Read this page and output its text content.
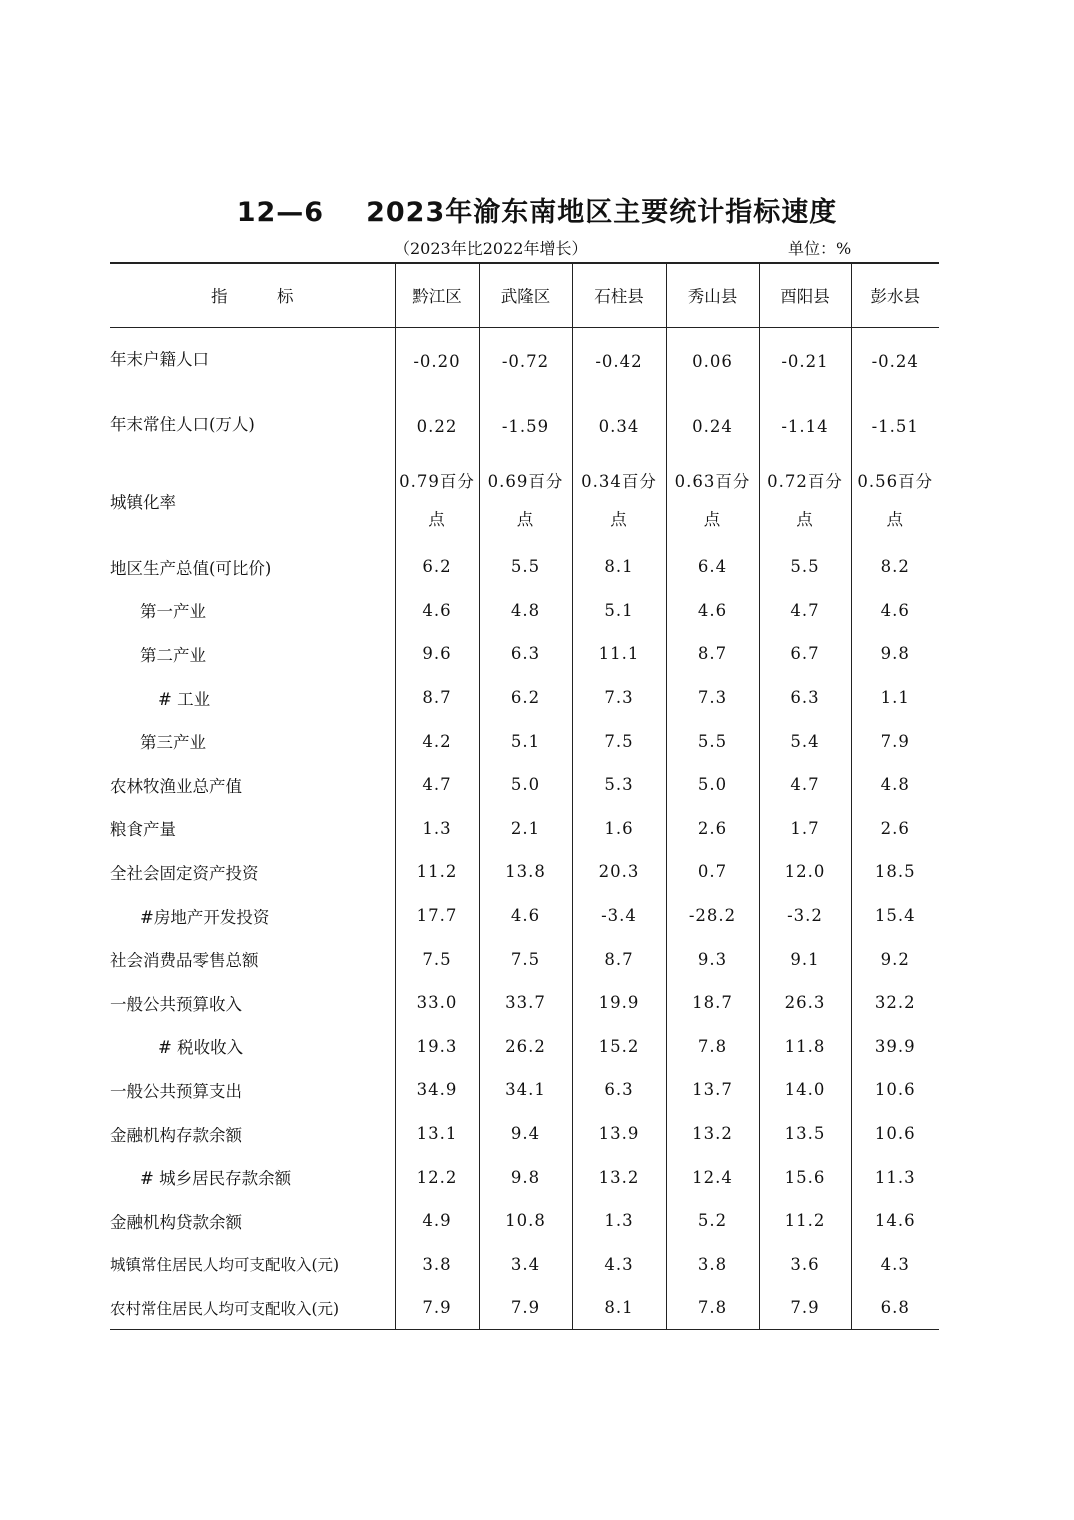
12—6 2023年渝东南地区主要统计指标速度
（2023年比2022年增长）	单位：%
指　　　标	黔江区	武隆区	石柱县	秀山县	酉阳县	彭水县
年末户籍人口	-0.20	-0.72	-0.42	0.06	-0.21	-0.24
年末常住人口(万人)	0.22	-1.59	0.34	0.24	-1.14	-1.51
城镇化率	0.79百分点	0.69百分点	0.34百分点	0.63百分点	0.72百分点	0.56百分点
地区生产总值(可比价)	6.2	5.5	8.1	6.4	5.5	8.2
第一产业	4.6	4.8	5.1	4.6	4.7	4.6
第二产业	9.6	6.3	11.1	8.7	6.7	9.8
# 工业	8.7	6.2	7.3	7.3	6.3	1.1
第三产业	4.2	5.1	7.5	5.5	5.4	7.9
农林牧渔业总产值	4.7	5.0	5.3	5.0	4.7	4.8
粮食产量	1.3	2.1	1.6	2.6	1.7	2.6
全社会固定资产投资	11.2	13.8	20.3	0.7	12.0	18.5
#房地产开发投资	17.7	4.6	-3.4	-28.2	-3.2	15.4
社会消费品零售总额	7.5	7.5	8.7	9.3	9.1	9.2
一般公共预算收入	33.0	33.7	19.9	18.7	26.3	32.2
# 税收收入	19.3	26.2	15.2	7.8	11.8	39.9
一般公共预算支出	34.9	34.1	6.3	13.7	14.0	10.6
金融机构存款余额	13.1	9.4	13.9	13.2	13.5	10.6
# 城乡居民存款余额	12.2	9.8	13.2	12.4	15.6	11.3
金融机构贷款余额	4.9	10.8	1.3	5.2	11.2	14.6
城镇常住居民人均可支配收入(元)	3.8	3.4	4.3	3.8	3.6	4.3
农村常住居民人均可支配收入(元)	7.9	7.9	8.1	7.8	7.9	6.8
